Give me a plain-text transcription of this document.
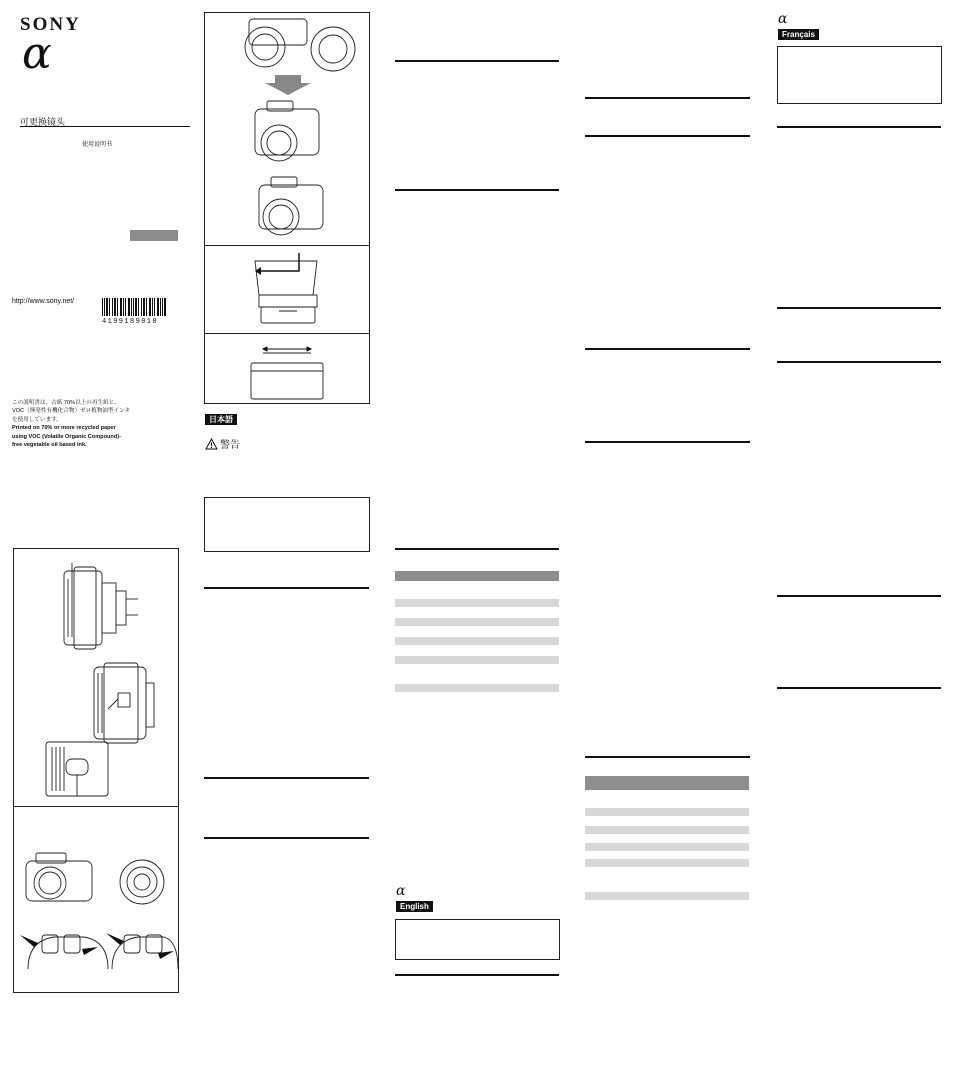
SONY
α
可更换镜头
使用说明书
http://www.sony.net/
4199189010
この説明書は、古紙 70%以上の再生紙と、
VOC（揮発性有機化合物）ゼロ植物油型インキ
を使用しています。
Printed on 70% or more recycled paper
using VOC (Volatile Organic Compound)-
free vegetable oil based ink.
日本語
警告
α
English
α
Français
